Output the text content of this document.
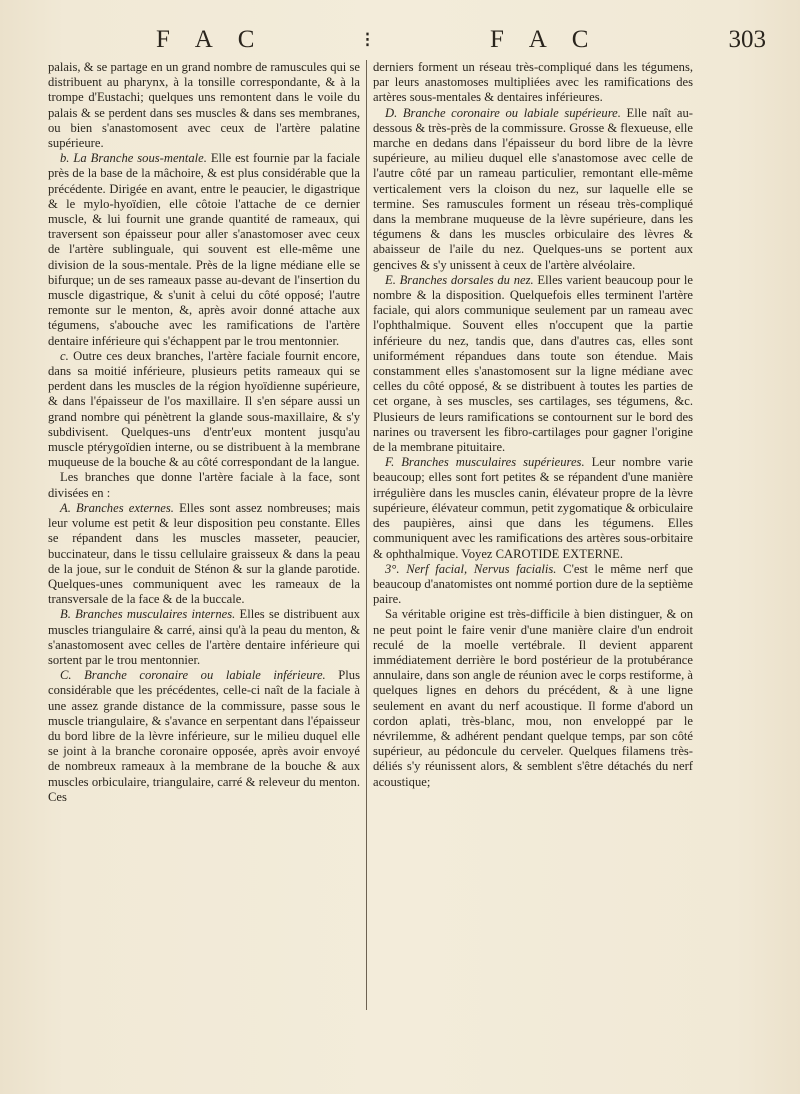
F A C	⁝	F A C	303

palais, & se partage en un grand nombre de ramuscules qui se distribuent au pharynx, à la tonsille correspondante, & à la trompe d'Eustachi; quelques uns remontent dans le voile du palais & se perdent dans ses muscles & dans ses membranes, ou bien s'anastomosent avec ceux de l'artère palatine supérieure.

b. La Branche sous-mentale. Elle est fournie par la faciale près de la base de la mâchoire, & est plus considérable que la précédente. Dirigée en avant, entre le peaucier, le digastrique & le mylo-hyoïdien, elle côtoie l'attache de ce dernier muscle, & lui fournit une grande quantité de rameaux, qui traversent son épaisseur pour aller s'anastomoser avec ceux de l'artère sublinguale, qui souvent est elle-même une division de la sous-mentale. Près de la ligne médiane elle se bifurque; un de ses rameaux passe au-devant de l'insertion du muscle digastrique, & s'unit à celui du côté opposé; l'autre remonte sur le menton, &, après avoir donné attache aux tégumens, s'abouche avec les ramifications de l'artère dentaire inférieure qui s'échappent par le trou mentonnier.

c. Outre ces deux branches, l'artère faciale fournit encore, dans sa moitié inférieure, plusieurs petits rameaux qui se perdent dans les muscles de la région hyoïdienne supérieure, & dans l'épaisseur de l'os maxillaire. Il s'en sépare aussi un grand nombre qui pénètrent la glande sous-maxillaire, & s'y subdivisent. Quelques-uns d'entr'eux montent jusqu'au muscle ptérygoïdien interne, ou se distribuent à la membrane muqueuse de la bouche & au côté correspondant de la langue.

Les branches que donne l'artère faciale à la face, sont divisées en :

A. Branches externes. Elles sont assez nombreuses; mais leur volume est petit & leur disposition peu constante. Elles se répandent dans les muscles masseter, peaucier, buccinateur, dans le tissu cellulaire graisseux & dans la peau de la joue, sur le conduit de Sténon & sur la glande parotide. Quelques-unes communiquent avec les rameaux de la transversale de la face & de la buccale.

B. Branches musculaires internes. Elles se distribuent aux muscles triangulaire & carré, ainsi qu'à la peau du menton, & s'anastomosent avec celles de l'artère dentaire inférieure qui sortent par le trou mentonnier.

C. Branche coronaire ou labiale inférieure. Plus considérable que les précédentes, celle-ci naît de la faciale à une assez grande distance de la commissure, passe sous le muscle triangulaire, & s'avance en serpentant dans l'épaisseur du bord libre de la lèvre inférieure, sur le milieu duquel elle se joint à la branche coronaire opposée, après avoir envoyé de nombreux rameaux à la membrane de la bouche & aux muscles orbiculaire, triangulaire, carré & releveur du menton. Ces

derniers forment un réseau très-compliqué dans les tégumens, par leurs anastomoses multipliées avec les ramifications des artères sous-mentales & dentaires inférieures.

D. Branche coronaire ou labiale supérieure. Elle naît au-dessous & très-près de la commissure. Grosse & flexueuse, elle marche en dedans dans l'épaisseur du bord libre de la lèvre supérieure, au milieu duquel elle s'anastomose avec celle de l'autre côté par un rameau particulier, remontant elle-même verticalement vers la cloison du nez, sur laquelle elle se termine. Ses ramuscules forment un réseau très-compliqué dans la membrane muqueuse de la lèvre supérieure, dans les tégumens & dans les muscles orbiculaire des lèvres & abaisseur de l'aile du nez. Quelques-uns se portent aux gencives & s'y unissent à ceux de l'artère alvéolaire.

E. Branches dorsales du nez. Elles varient beaucoup pour le nombre & la disposition. Quelquefois elles terminent l'artère faciale, qui alors communique seulement par un rameau avec l'ophthalmique. Souvent elles n'occupent que la partie inférieure du nez, tandis que, dans d'autres cas, elles sont uniformément répandues dans toute son étendue. Mais constamment elles s'anastomosent sur la ligne médiane avec celles du côté opposé, & se distribuent à toutes les parties de cet organe, à ses muscles, ses cartilages, ses tégumens, &c. Plusieurs de leurs ramifications se contournent sur le bord des narines ou traversent les fibro-cartilages pour gagner l'origine de la membrane pituitaire.

F. Branches musculaires supérieures. Leur nombre varie beaucoup; elles sont fort petites & se répandent d'une manière irrégulière dans les muscles canin, élévateur propre de la lèvre supérieure, élévateur commun, petit zygomatique & orbiculaire des paupières, ainsi que dans les tégumens. Elles communiquent avec les ramifications des artères sous-orbitaire & ophthalmique. Voyez CAROTIDE EXTERNE.

3°. Nerf facial, Nervus facialis. C'est le même nerf que beaucoup d'anatomistes ont nommé portion dure de la septième paire.

Sa véritable origine est très-difficile à bien distinguer, & on ne peut point le faire venir d'une manière claire d'un endroit reculé de la moelle vertébrale. Il devient apparent immédiatement derrière le bord postérieur de la protubérance annulaire, dans son angle de réunion avec le corps restiforme, à quelques lignes en dehors du précédent, & à une ligne seulement en avant du nerf acoustique. Il forme d'abord un cordon aplati, très-blanc, mou, non enveloppé par le névrilemme, & adhérent pendant quelque temps, par son côté supérieur, au pédoncule du cerveler. Quelques filamens très-déliés s'y réunissent alors, & semblent s'être détachés du nerf acoustique;
